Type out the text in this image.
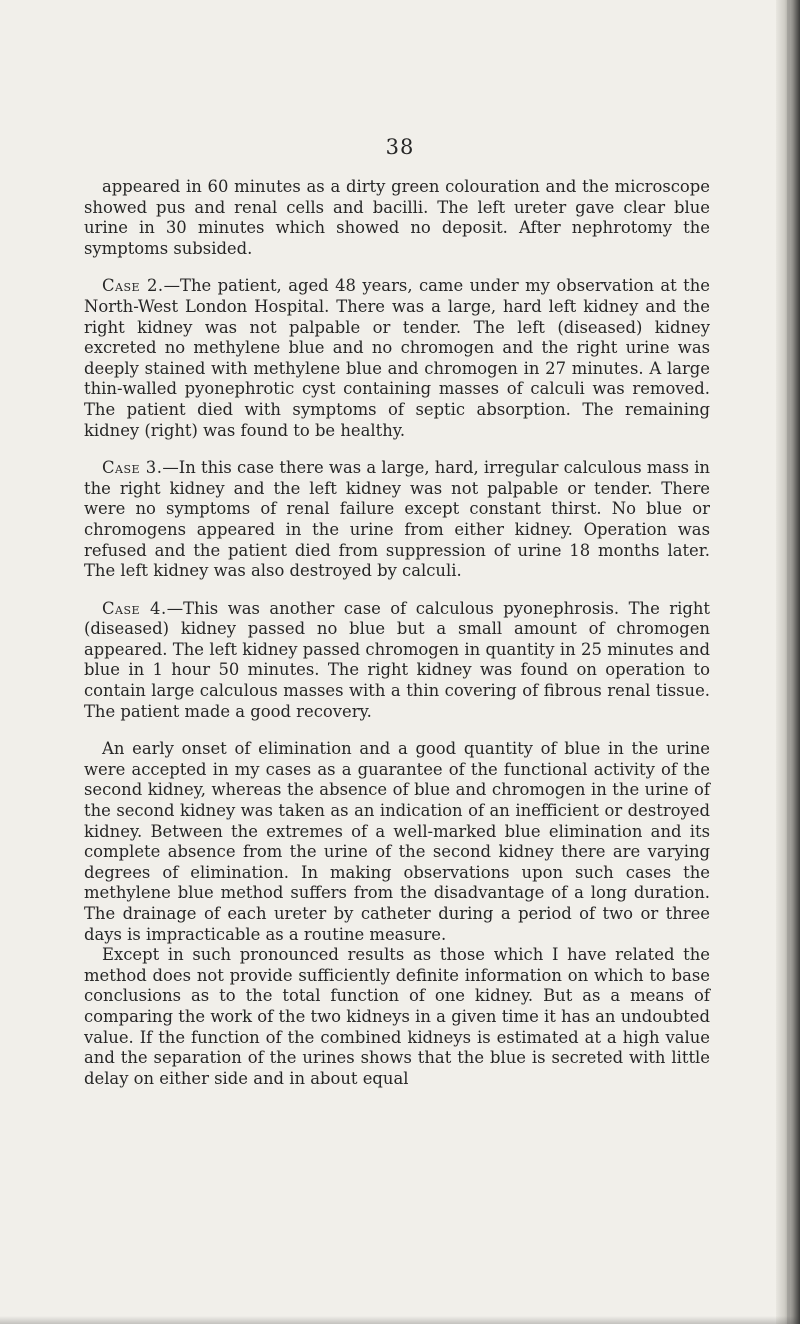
38

appeared in 60 minutes as a dirty green colouration and the microscope showed pus and renal cells and bacilli. The left ureter gave clear blue urine in 30 minutes which showed no deposit. After nephrotomy the symptoms subsided.

Case 2.—The patient, aged 48 years, came under my observation at the North-West London Hospital. There was a large, hard left kidney and the right kidney was not palpable or tender. The left (diseased) kidney excreted no methylene blue and no chromogen and the right urine was deeply stained with methylene blue and chromogen in 27 minutes. A large thin-walled pyonephrotic cyst containing masses of calculi was removed. The patient died with symptoms of septic absorption. The remaining kidney (right) was found to be healthy.

Case 3.—In this case there was a large, hard, irregular calculous mass in the right kidney and the left kidney was not palpable or tender. There were no symptoms of renal failure except constant thirst. No blue or chromogens appeared in the urine from either kidney. Operation was refused and the patient died from suppression of urine 18 months later. The left kidney was also destroyed by calculi.

Case 4.—This was another case of calculous pyonephrosis. The right (diseased) kidney passed no blue but a small amount of chromogen appeared. The left kidney passed chromogen in quantity in 25 minutes and blue in 1 hour 50 minutes. The right kidney was found on operation to contain large calculous masses with a thin covering of fibrous renal tissue. The patient made a good recovery.

An early onset of elimination and a good quantity of blue in the urine were accepted in my cases as a guarantee of the functional activity of the second kidney, whereas the absence of blue and chromogen in the urine of the second kidney was taken as an indication of an inefficient or destroyed kidney. Between the extremes of a well-marked blue elimination and its complete absence from the urine of the second kidney there are varying degrees of elimination. In making observations upon such cases the methylene blue method suffers from the disadvantage of a long duration. The drainage of each ureter by catheter during a period of two or three days is impracticable as a routine measure.

Except in such pronounced results as those which I have related the method does not provide sufficiently definite information on which to base conclusions as to the total function of one kidney. But as a means of comparing the work of the two kidneys in a given time it has an undoubted value. If the function of the combined kidneys is estimated at a high value and the separation of the urines shows that the blue is secreted with little delay on either side and in about equal
